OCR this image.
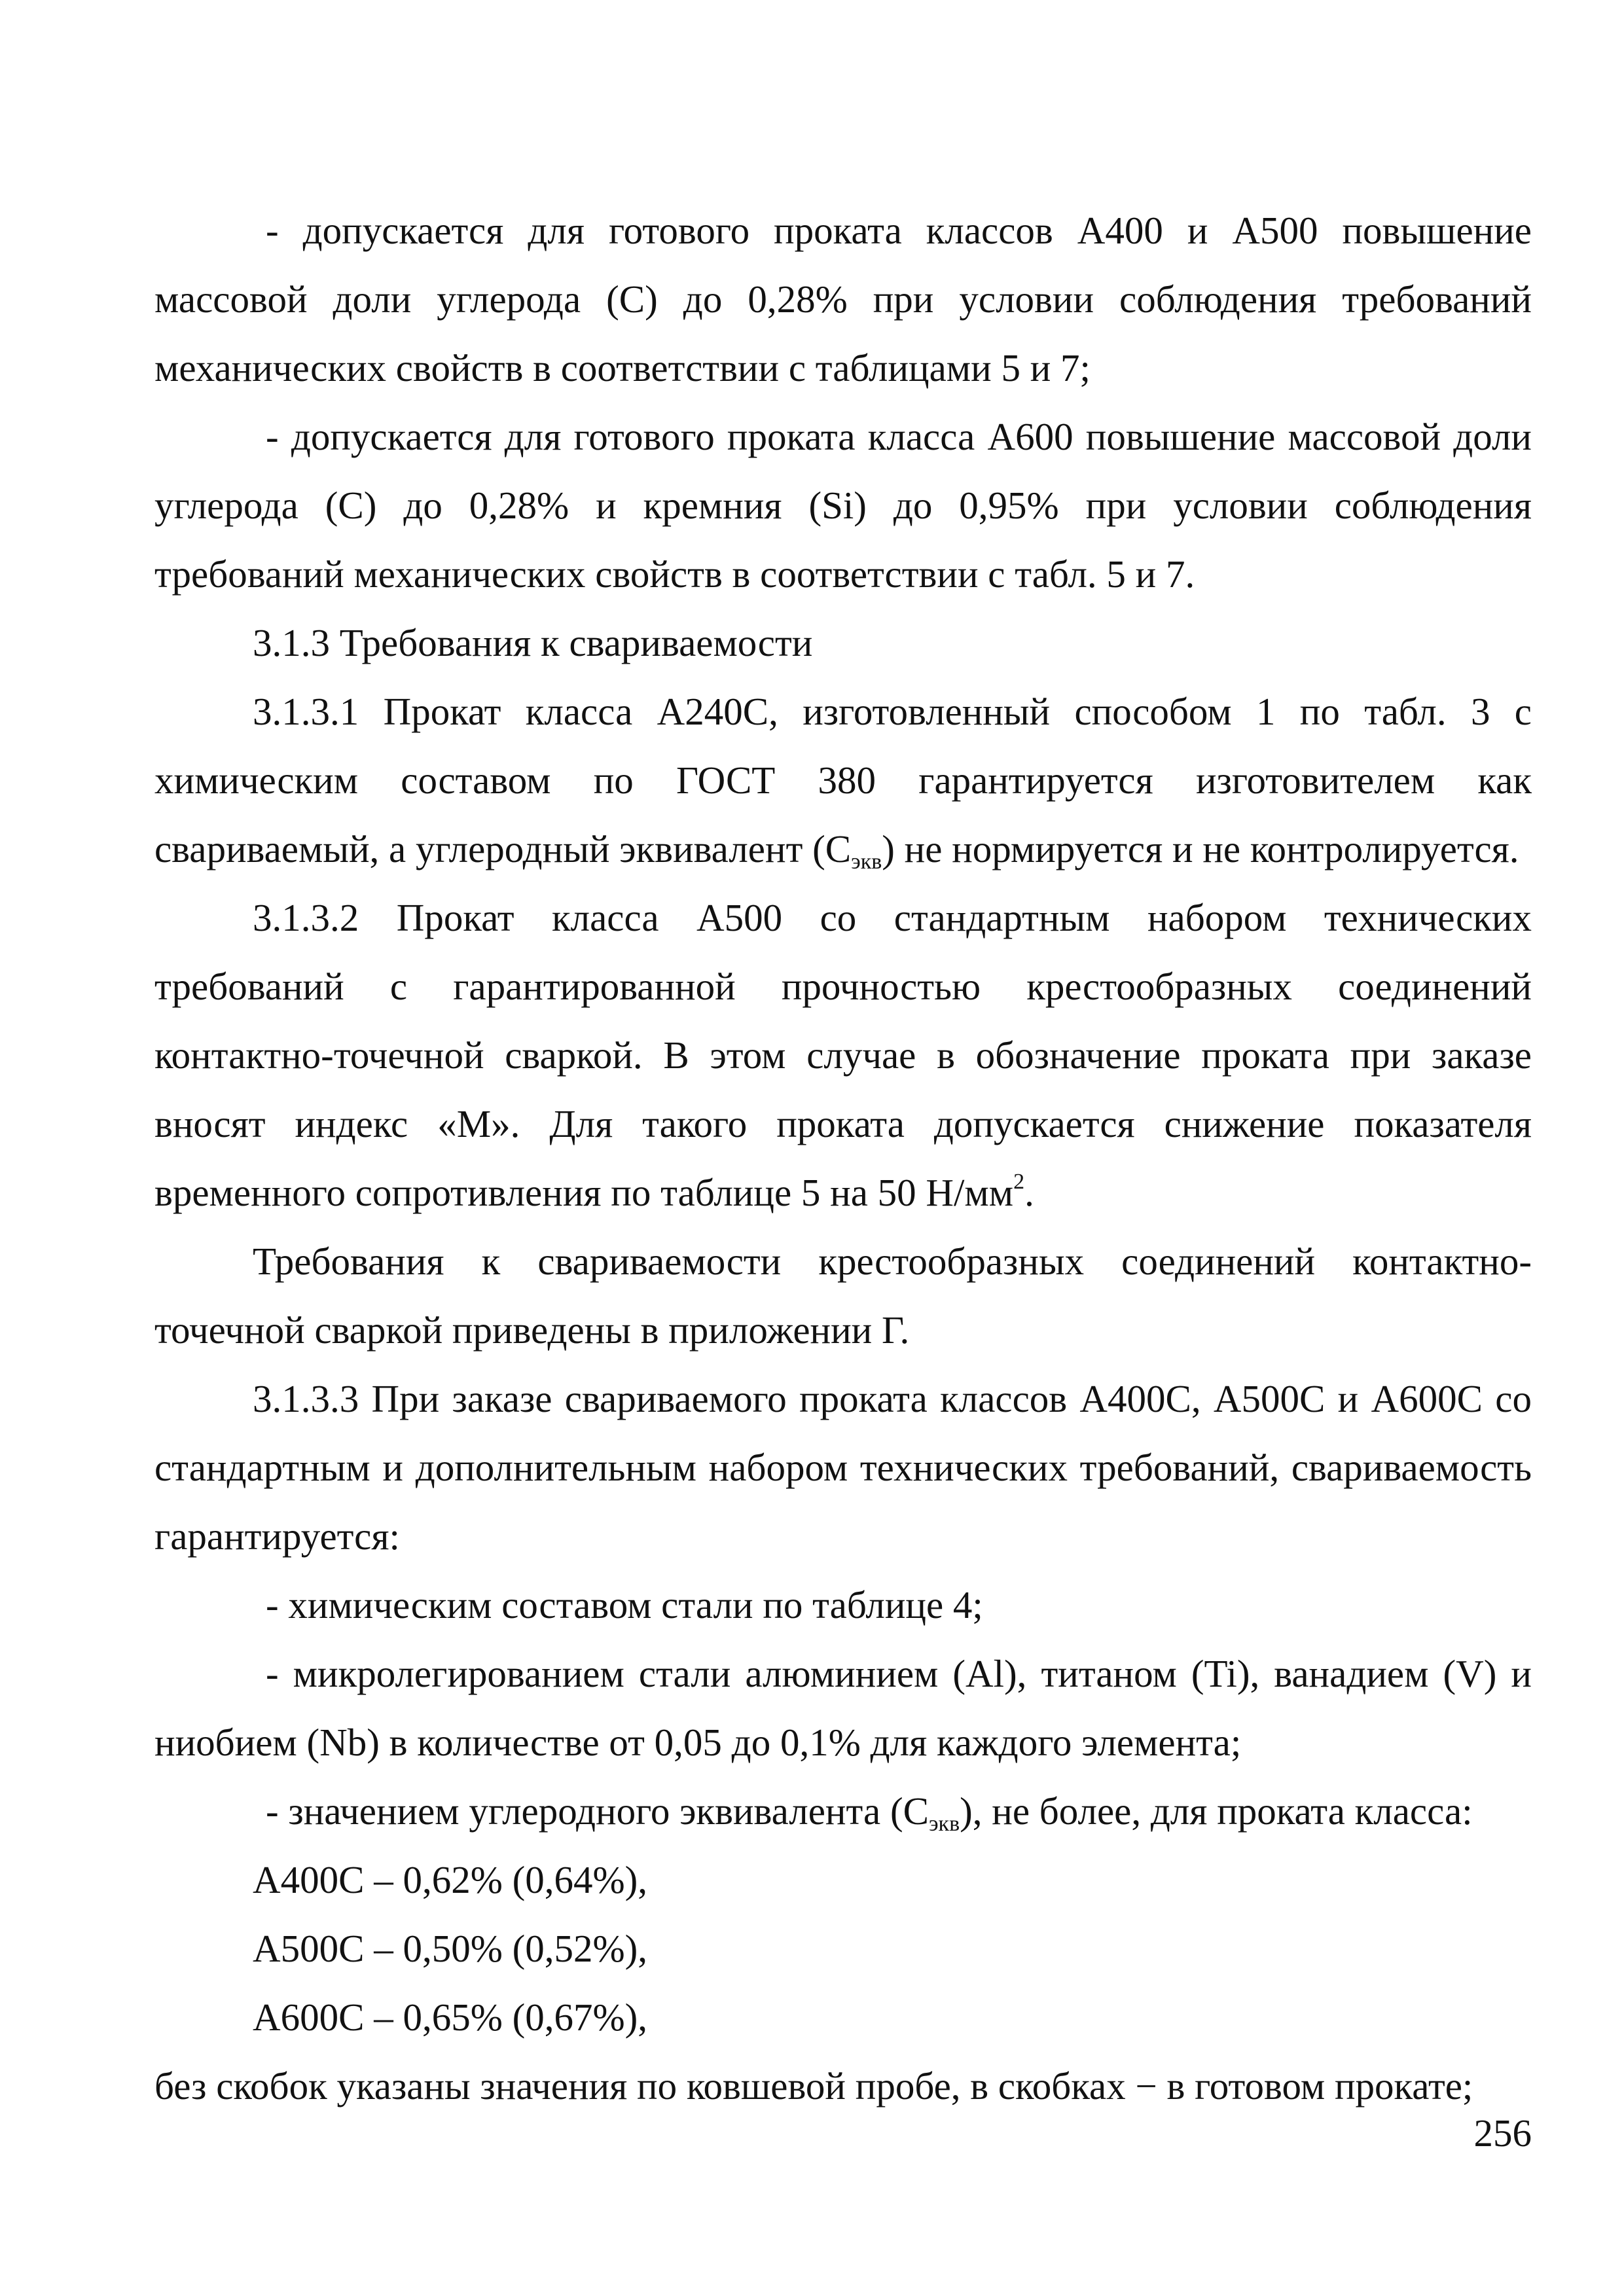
- допускается для готового проката классов А400 и А500 повышение массовой доли углерода (С) до 0,28% при условии соблюдения требований механических свойств в соответствии с таблицами 5 и 7;

- допускается для готового проката класса А600 повышение массовой доли углерода (С) до 0,28% и кремния (Si) до 0,95% при условии соблюдения требований механических свойств в соответствии с табл. 5 и 7.

3.1.3 Требования к свариваемости

3.1.3.1 Прокат класса А240С, изготовленный способом 1 по табл. 3 с химическим составом по ГОСТ 380 гарантируется изготовителем как свариваемый, а углеродный эквивалент $(С_{экв})$ не нормируется и не контролируется.

3.1.3.2 Прокат класса А500 со стандартным набором технических требований с гарантированной прочностью крестообразных соединений контактно-точечной сваркой. В этом случае в обозначение проката при заказе вносят индекс «М». Для такого проката допускается снижение показателя временного сопротивления по таблице 5 на 50 $Н/мм^2$.

Требования к свариваемости крестообразных соединений контактно-точечной сваркой приведены в приложении Г.

3.1.3.3 При заказе свариваемого проката классов А400С, А500С и А600С со стандартным и дополнительным набором технических требований, свариваемость гарантируется:

- химическим составом стали по таблице 4;

- микролегированием стали алюминием (Al), титаном (Ti), ванадием (V) и ниобием (Nb) в количестве от 0,05 до 0,1% для каждого элемента;

- значением углеродного эквивалента $(С_{экв})$, не более, для проката класса:

А400С – 0,62% (0,64%),

А500С – 0,50% (0,52%),

А600С – 0,65% (0,67%),

без скобок указаны значения по ковшевой пробе, в скобках − в готовом прокате;

256
